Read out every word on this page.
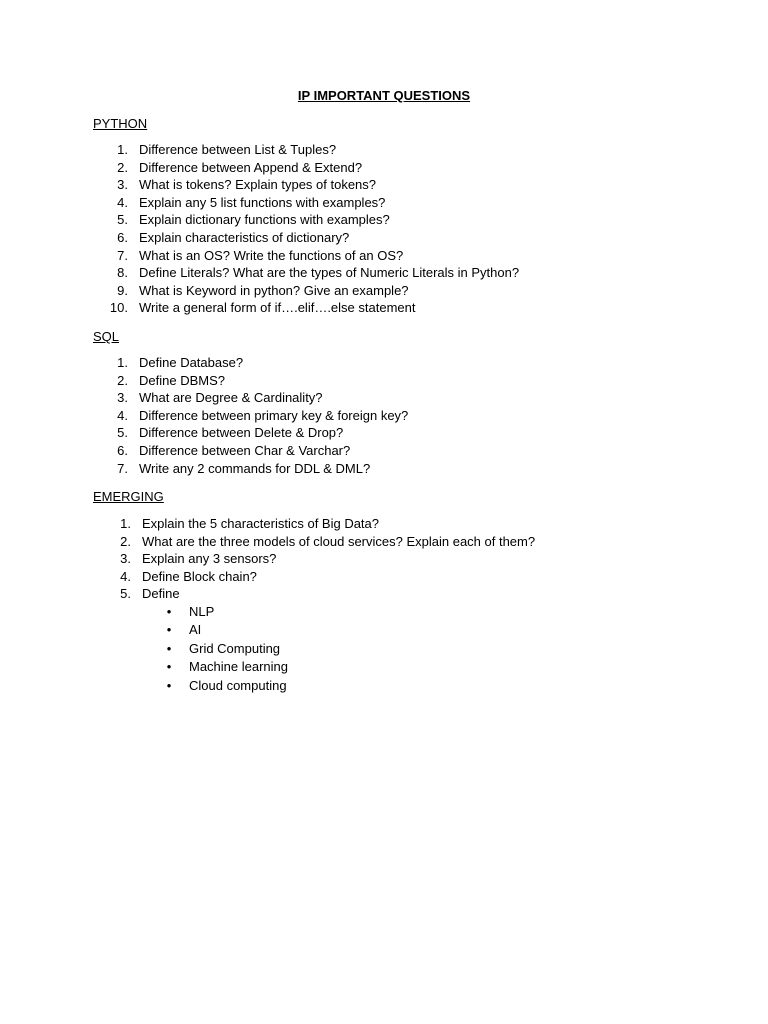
IP IMPORTANT QUESTIONS
PYTHON
1. Difference between List & Tuples?
2. Difference between Append & Extend?
3. What is tokens? Explain types of tokens?
4. Explain any 5 list functions with examples?
5. Explain dictionary functions with examples?
6. Explain characteristics of dictionary?
7. What is an OS? Write the functions of an OS?
8. Define Literals? What are the types of Numeric Literals in Python?
9. What is Keyword in python? Give an example?
10. Write a general form of if….elif….else statement
SQL
1. Define Database?
2. Define DBMS?
3. What are Degree & Cardinality?
4. Difference between primary key & foreign key?
5. Difference between Delete & Drop?
6. Difference between Char & Varchar?
7. Write any 2 commands for DDL & DML?
EMERGING
1. Explain the 5 characteristics of Big Data?
2. What are the three models of cloud services? Explain each of them?
3. Explain any 3 sensors?
4. Define Block chain?
5. Define
• NLP
• AI
• Grid Computing
• Machine learning
• Cloud computing
